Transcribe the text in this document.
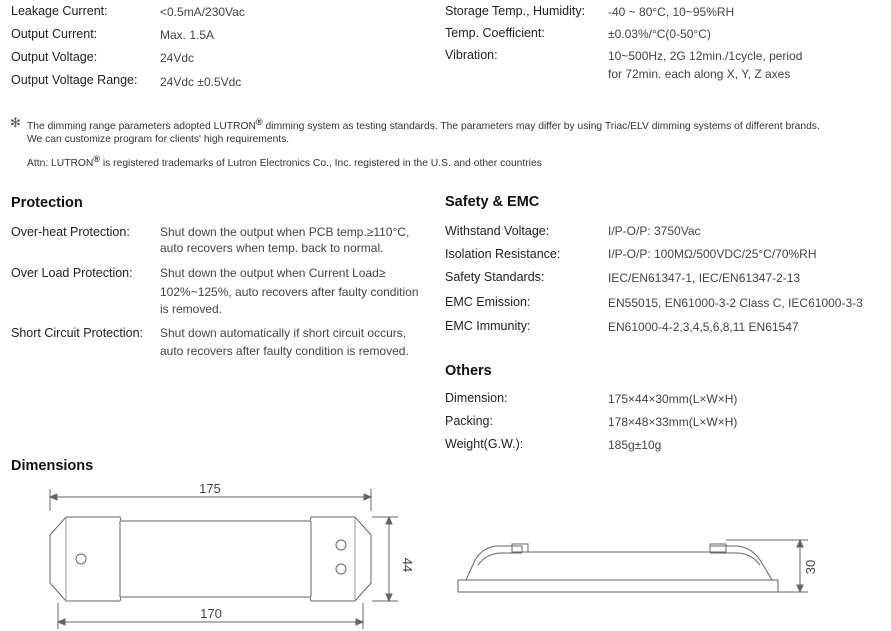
Leakage Current:	<0.5mA/230Vac
Output Current:	Max. 1.5A
Output Voltage:	24Vdc
Output Voltage Range: 24Vdc ±0.5Vdc
Storage Temp., Humidity: -40 ~ 80°C, 10~95%RH
Temp. Coefficient:	±0.03%/°C(0-50°C)
Vibration:	10~500Hz, 2G 12min./1cycle, period
for 72min. each along X, Y, Z axes
✻ The dimming range parameters adopted LUTRON® dimming system as testing standards. The parameters may differ by using Triac/ELV dimming systems of different brands.
We can customize program for clients' high requirements.
Attn: LUTRON® is registered trademarks of Lutron Electronics Co., Inc. registered in the U.S. and other countries
Protection
Over-heat Protection:	Shut down the output when PCB temp.≥110°C,
auto recovers when temp. back to normal.
Over Load Protection: Shut down the output when Current Load≥
102%~125%, auto recovers after faulty condition
is removed.
Short Circuit Protection: Shut down automatically if short circuit occurs,
auto recovers after faulty condition is removed.
Safety & EMC
Withstand Voltage:	I/P-O/P: 3750Vac
Isolation Resistance:	I/P-O/P: 100MΩ/500VDC/25°C/70%RH
Safety Standards:	IEC/EN61347-1, IEC/EN61347-2-13
EMC Emission:	EN55015, EN61000-3-2 Class C, IEC61000-3-3
EMC Immunity:	EN61000-4-2,3,4,5,6,8,11 EN61547
Others
Dimension:	175×44×30mm(L×W×H)
Packing:	178×48×33mm(L×W×H)
Weight(G.W.):	185g±10g
Dimensions
175
44
170
30
